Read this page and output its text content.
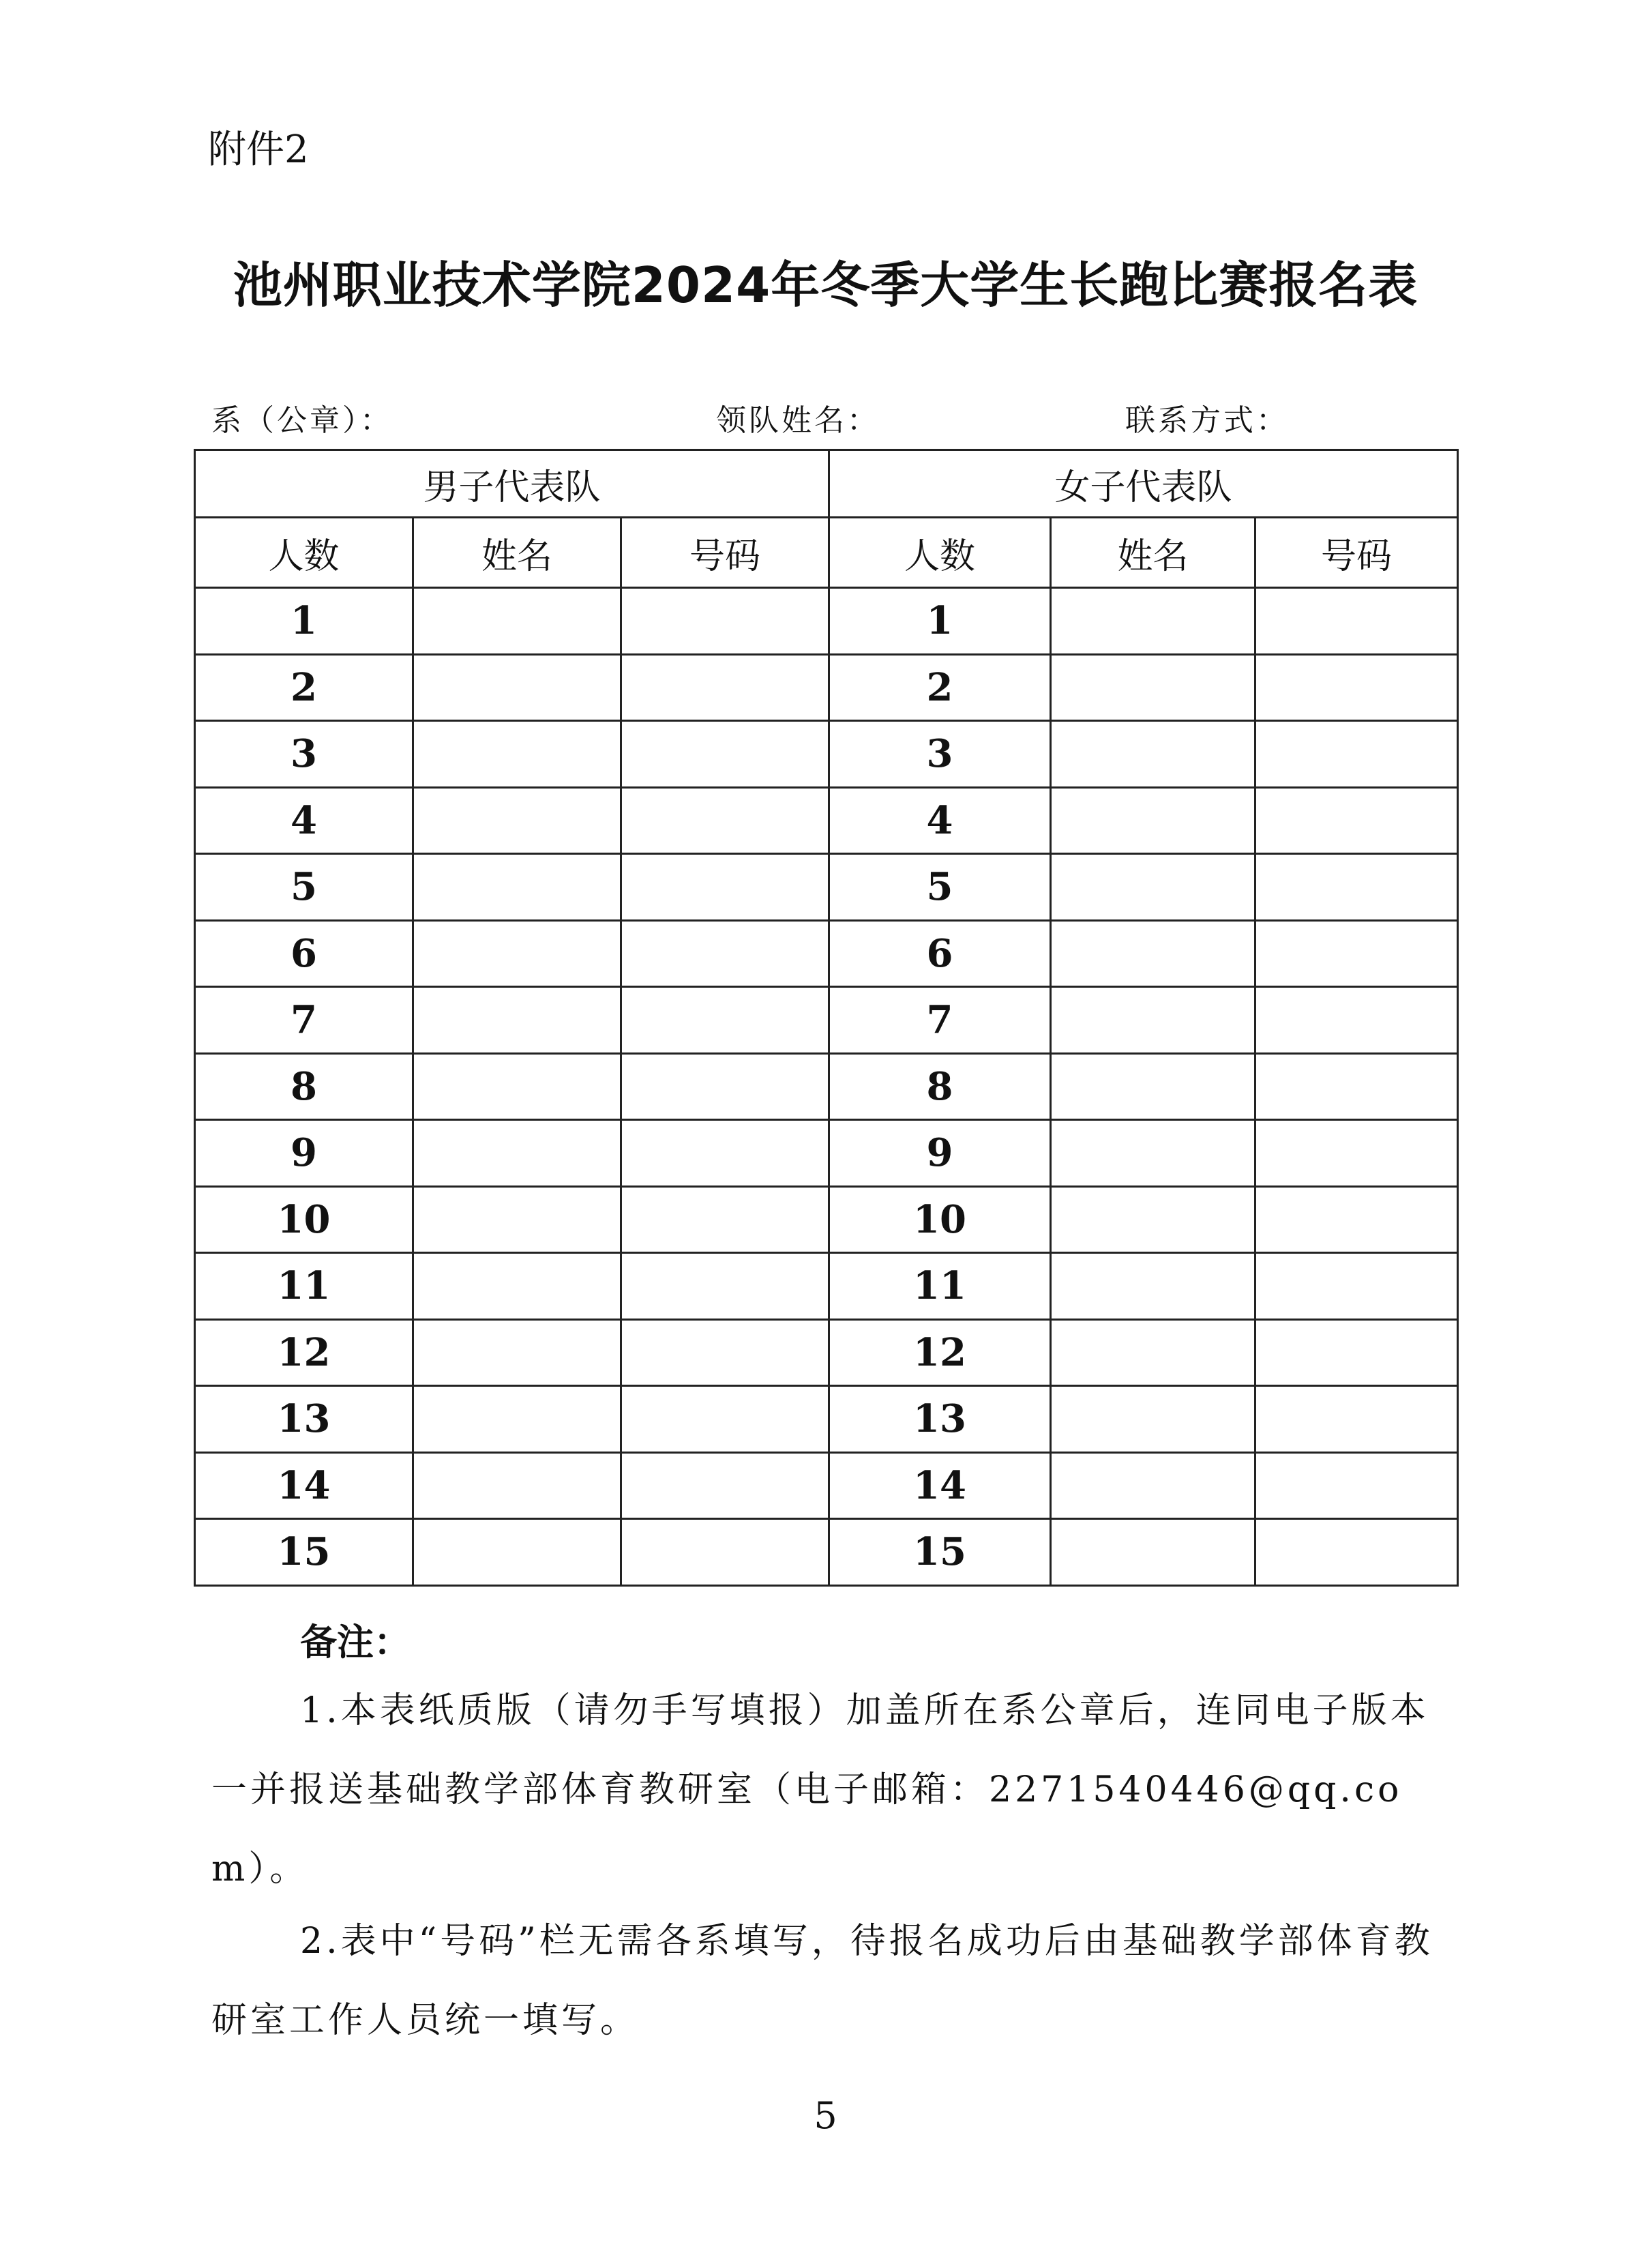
附件2
池州职业技术学院2024年冬季大学生长跑比赛报名表
系（公章）：	领队姓名：	联系方式：
男子代表队			女子代表队		
人数	姓名	号码	人数	姓名	号码
1			1		
2			2		
3			3		
4			4		
5			5		
6			6		
7			7		
8			8		
9			9		
10			10		
11			11		
12			12		
13			13		
14			14		
15			15		
备注：
1.本表纸质版（请勿手写填报）加盖所在系公章后，连同电子版本一并报送基础教学部体育教研室（电子邮箱：2271540446@qq.com）。
2.表中“号码”栏无需各系填写，待报名成功后由基础教学部体育教研室工作人员统一填写。
5
